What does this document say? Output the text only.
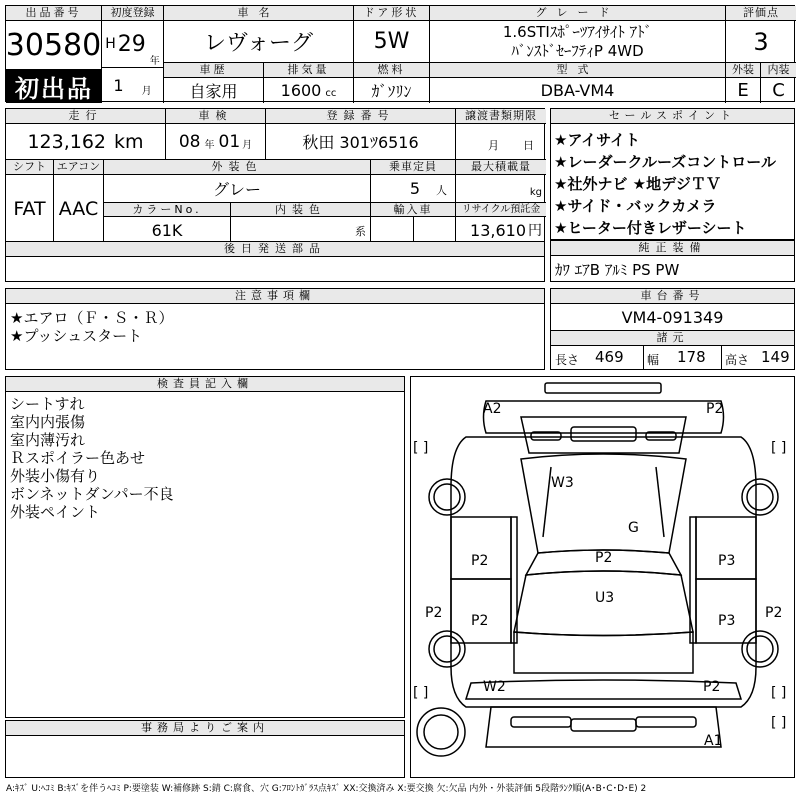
出品番号
30580
初出品
初度登録
H 29
年
1 月
車名
レヴォーグ
ドア形状
5W
グレード
1.6STIｽﾎﾟｰﾂｱｲｻｲﾄ ｱﾄﾞ
ﾊﾞﾝｽﾄﾞｾｰﾌﾃｨP 4WD
評価点
3
車歴
自家用
排気量
1600 cc
燃料
ｶﾞｿﾘﾝ
型式
DBA-VM4
外装	内装
E	C
走行
123,162 km
車検
08 年 01 月
登録番号
秋田 301ﾂ6516
譲渡書類期限
月 日
シフト
FAT
エアコン
AAC
外装色
グレー
乗車定員
5 人
最大積載量
kg
カラーNo.
61K
内装色
系
輸入車	リサイクル預託金
13,610 円
後日発送部品
セールスポイント
★アイサイト
★レーダークルーズコントロール
★社外ナビ ★地デジＴＶ
★サイド・バックカメラ
★ヒーター付きレザーシート
純正装備
ｶﾜ ｴｱB ｱﾙﾐ PS PW
注意事項欄
★エアロ（Ｆ・Ｓ・Ｒ）
★プッシュスタート
車台番号
VM4-091349
諸元
長さ 469 幅 178 高さ 149
検査員記入欄
シートすれ
室内内張傷
室内薄汚れ
Ｒスポイラー色あせ
外装小傷有り
ボンネットダンパー不良
外装ペイント
事務局よりご案内
[ ]	[ ]
[ ]	[ ]
[ ]
A2	P2
W3
G
P2	P2	P3
U3
P2	P2
P2	P3
W2	P2
A1
A:ｷｽﾞ U:ﾍｺﾐ B:ｷｽﾞを伴うﾍｺﾐ P:要塗装 W:補修跡 S:錆 C:腐食、穴 G:ﾌﾛﾝﾄｶﾞﾗｽ点ｷｽﾞ XX:交換済み X:要交換 欠:欠品 内外・外装評価 5段階ﾗﾝｸ順(A･B･C･D･E) 2
